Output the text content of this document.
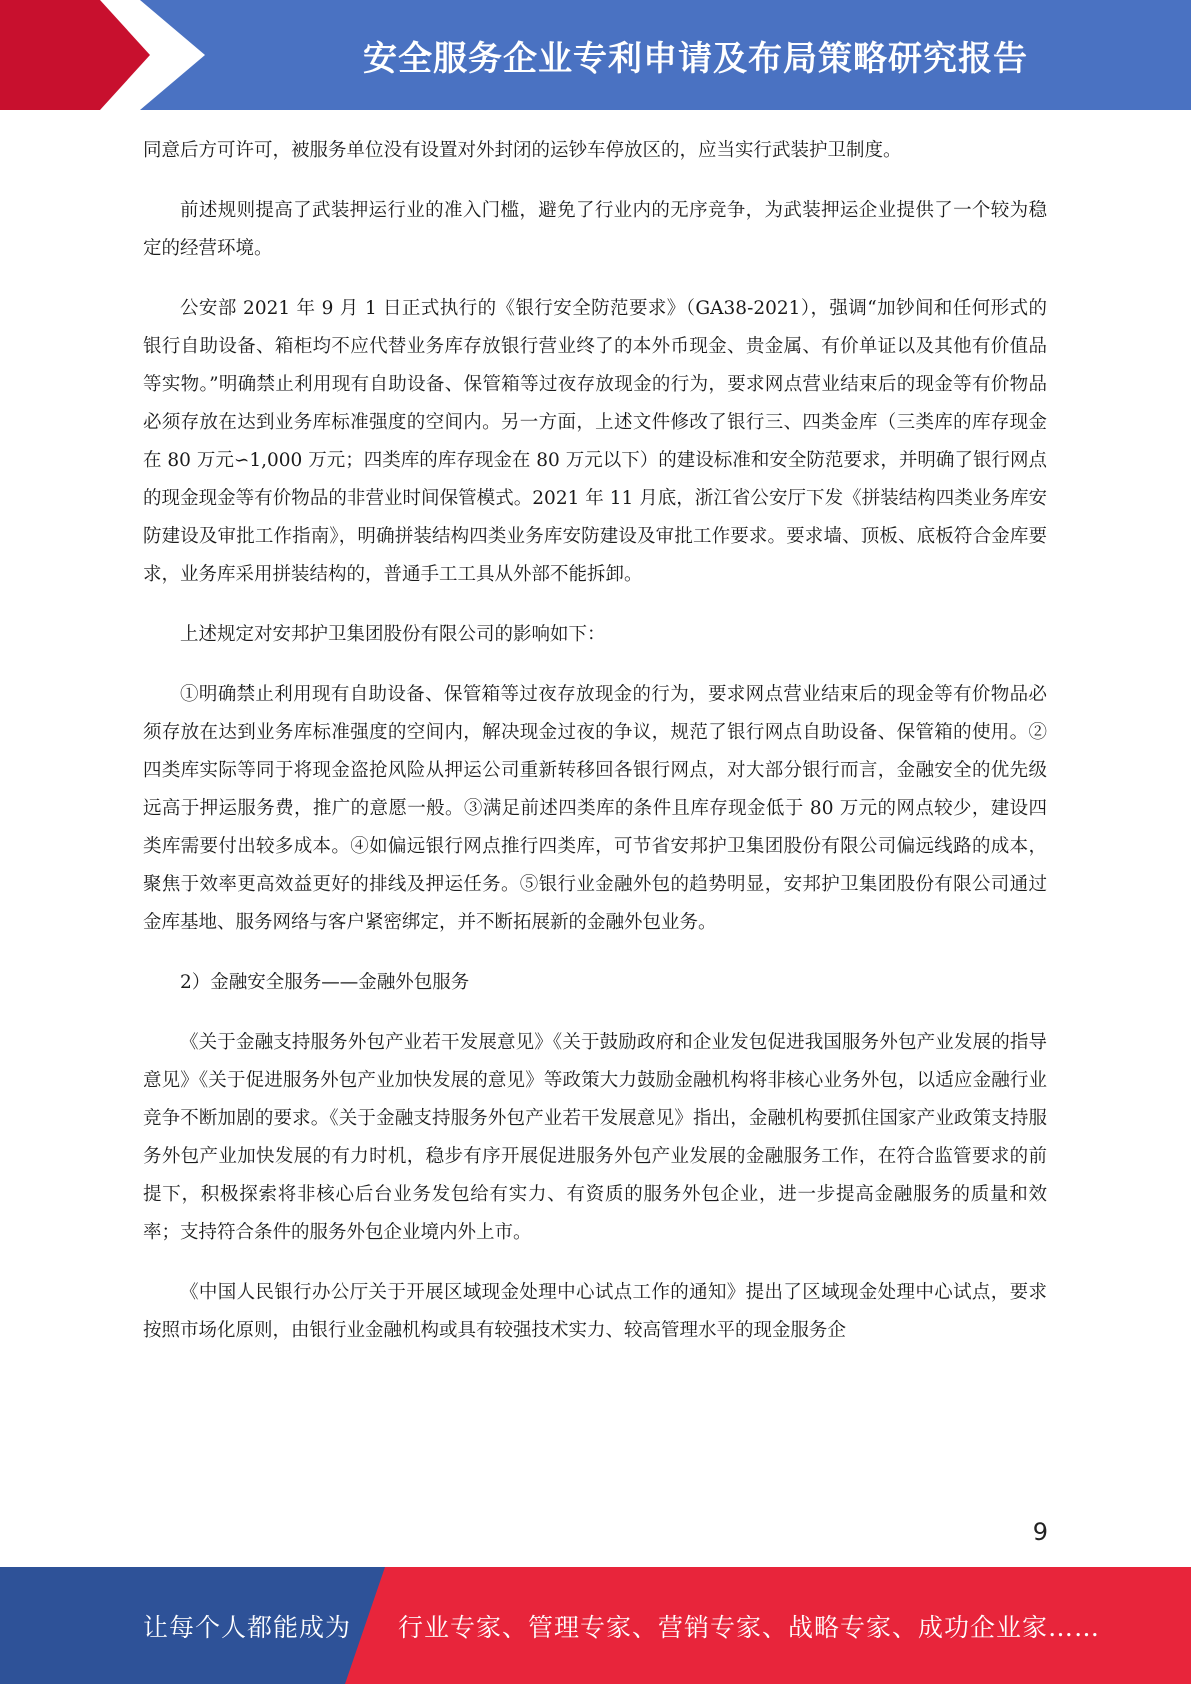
安全服务企业专利申请及布局策略研究报告

同意后方可许可，被服务单位没有设置对外封闭的运钞车停放区的，应当实行武装护卫制度。

前述规则提高了武装押运行业的准入门槛，避免了行业内的无序竞争，为武装押运企业提供了一个较为稳定的经营环境。

公安部 2021 年 9 月 1 日正式执行的《银行安全防范要求》（GA38-2021），强调“加钞间和任何形式的银行自助设备、箱柜均不应代替业务库存放银行营业终了的本外币现金、贵金属、有价单证以及其他有价值品等实物。”明确禁止利用现有自助设备、保管箱等过夜存放现金的行为，要求网点营业结束后的现金等有价物品必须存放在达到业务库标准强度的空间内。另一方面，上述文件修改了银行三、四类金库（三类库的库存现金在 80 万元∽1,000 万元；四类库的库存现金在 80 万元以下）的建设标准和安全防范要求，并明确了银行网点的现金现金等有价物品的非营业时间保管模式。2021 年 11 月底，浙江省公安厅下发《拼装结构四类业务库安防建设及审批工作指南》，明确拼装结构四类业务库安防建设及审批工作要求。要求墙、顶板、底板符合金库要求，业务库采用拼装结构的，普通手工工具从外部不能拆卸。

上述规定对安邦护卫集团股份有限公司的影响如下：

①明确禁止利用现有自助设备、保管箱等过夜存放现金的行为，要求网点营业结束后的现金等有价物品必须存放在达到业务库标准强度的空间内，解决现金过夜的争议，规范了银行网点自助设备、保管箱的使用。②四类库实际等同于将现金盗抢风险从押运公司重新转移回各银行网点，对大部分银行而言，金融安全的优先级远高于押运服务费，推广的意愿一般。③满足前述四类库的条件且库存现金低于 80 万元的网点较少，建设四类库需要付出较多成本。④如偏远银行网点推行四类库，可节省安邦护卫集团股份有限公司偏远线路的成本，聚焦于效率更高效益更好的排线及押运任务。⑤银行业金融外包的趋势明显，安邦护卫集团股份有限公司通过金库基地、服务网络与客户紧密绑定，并不断拓展新的金融外包业务。

2）金融安全服务——金融外包服务

《关于金融支持服务外包产业若干发展意见》《关于鼓励政府和企业发包促进我国服务外包产业发展的指导意见》《关于促进服务外包产业加快发展的意见》等政策大力鼓励金融机构将非核心业务外包，以适应金融行业竞争不断加剧的要求。《关于金融支持服务外包产业若干发展意见》指出，金融机构要抓住国家产业政策支持服务外包产业加快发展的有力时机，稳步有序开展促进服务外包产业发展的金融服务工作，在符合监管要求的前提下，积极探索将非核心后台业务发包给有实力、有资质的服务外包企业，进一步提高金融服务的质量和效率；支持符合条件的服务外包企业境内外上市。

《中国人民银行办公厅关于开展区域现金处理中心试点工作的通知》提出了区域现金处理中心试点，要求按照市场化原则，由银行业金融机构或具有较强技术实力、较高管理水平的现金服务企

9
让每个人都能成为 行业专家、管理专家、营销专家、战略专家、成功企业家……
